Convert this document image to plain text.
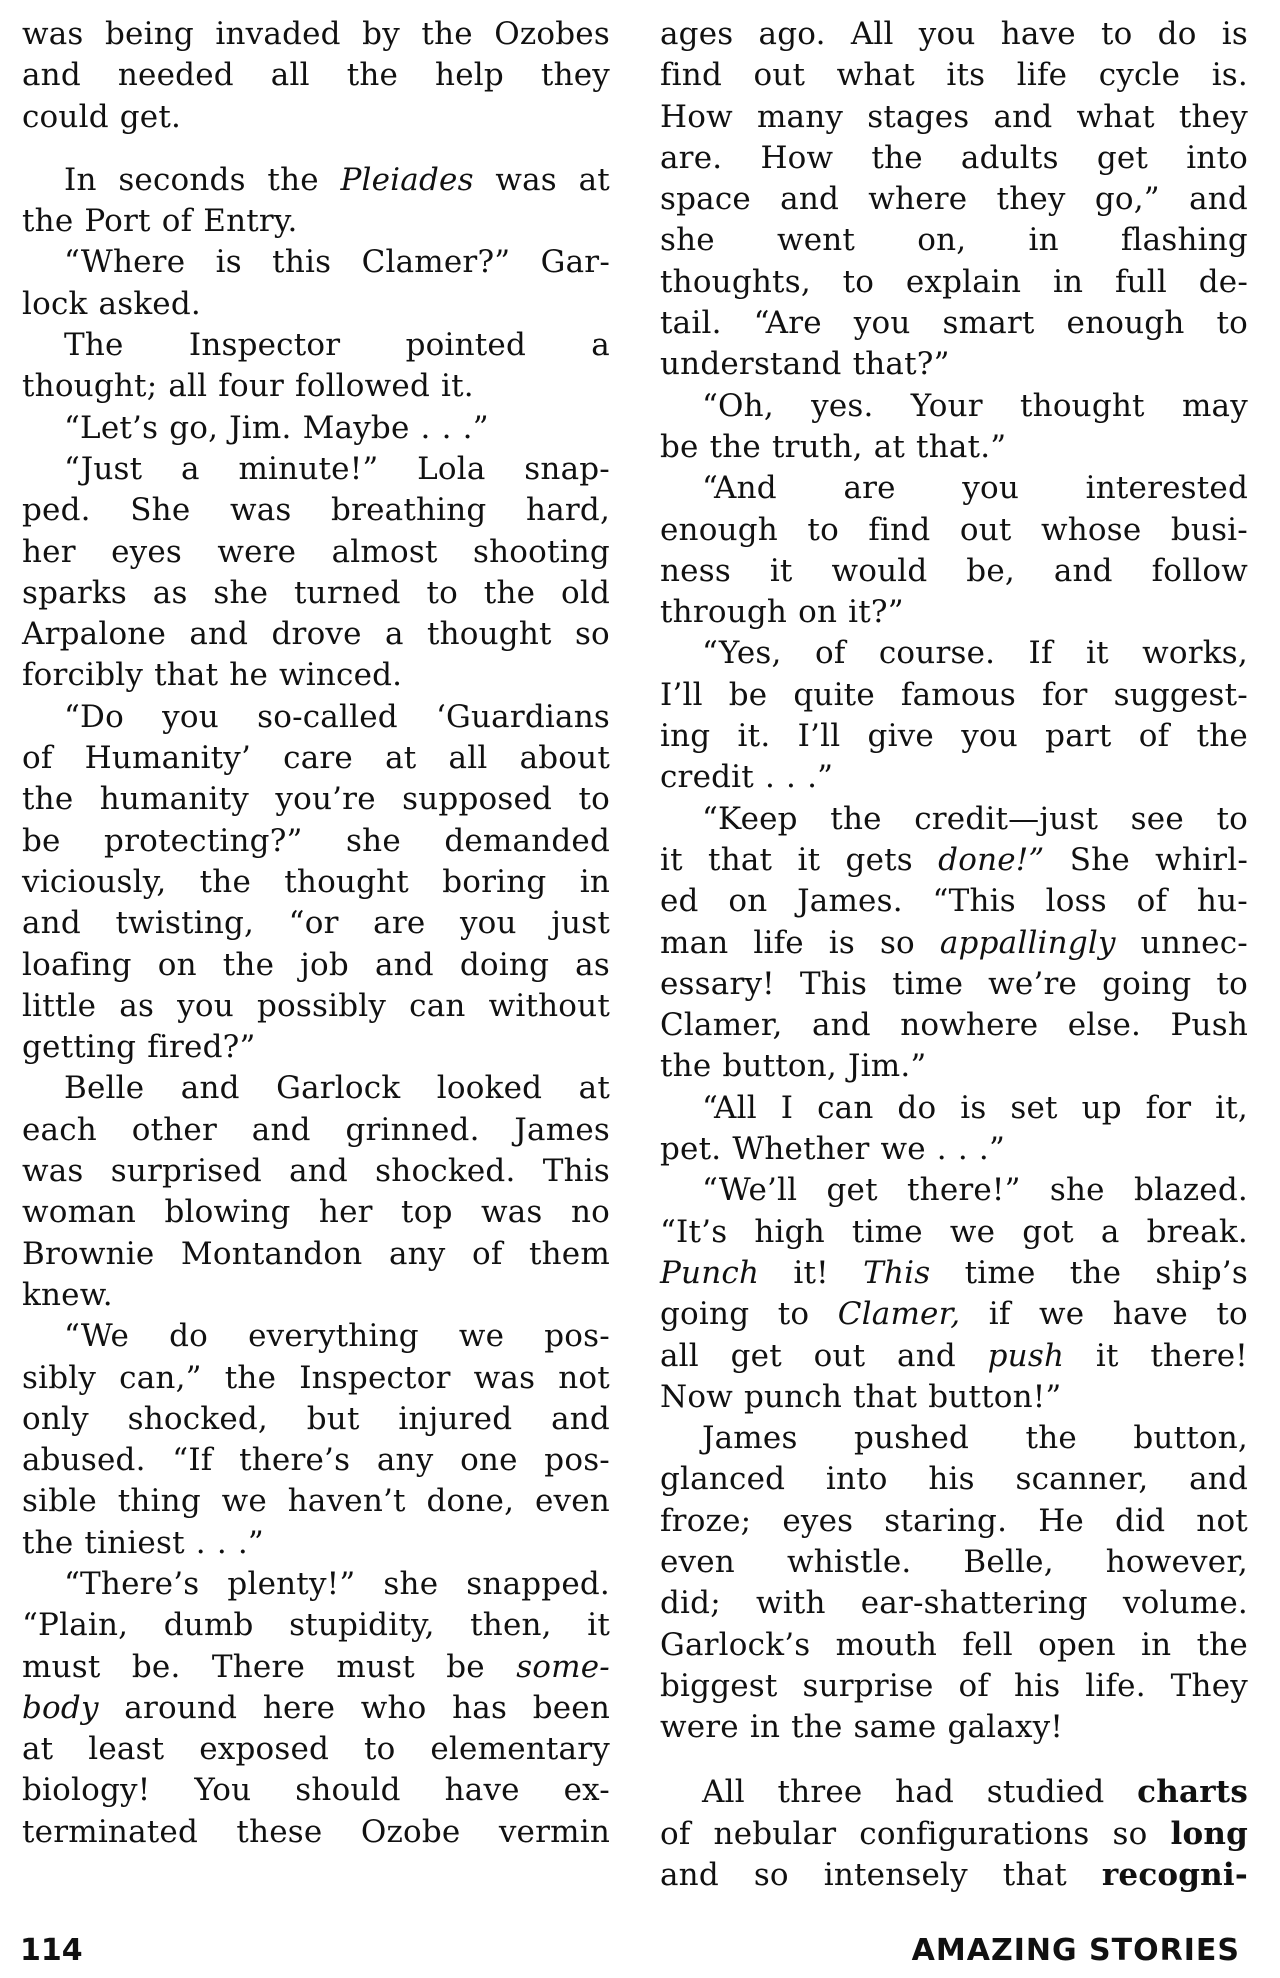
was being invaded by the Ozobes
and needed all the help they
could get.
In seconds the Pleiades was at
the Port of Entry.
“Where is this Clamer?” Gar-
lock asked.
The Inspector pointed a
thought; all four followed it.
“Let’s go, Jim. Maybe . . .”
“Just a minute!” Lola snap-
ped. She was breathing hard,
her eyes were almost shooting
sparks as she turned to the old
Arpalone and drove a thought so
forcibly that he winced.
“Do you so-called ‘Guardians
of Humanity’ care at all about
the humanity you’re supposed to
be protecting?” she demanded
viciously, the thought boring in
and twisting, “or are you just
loafing on the job and doing as
little as you possibly can without
getting fired?”
Belle and Garlock looked at
each other and grinned. James
was surprised and shocked. This
woman blowing her top was no
Brownie Montandon any of them
knew.
“We do everything we pos-
sibly can,” the Inspector was not
only shocked, but injured and
abused. “If there’s any one pos-
sible thing we haven’t done, even
the tiniest . . .”
“There’s plenty!” she snapped.
“Plain, dumb stupidity, then, it
must be. There must be some-
body around here who has been
at least exposed to elementary
biology! You should have ex-
terminated these Ozobe vermin
ages ago. All you have to do is
find out what its life cycle is.
How many stages and what they
are. How the adults get into
space and where they go,” and
she went on, in flashing
thoughts, to explain in full de-
tail. “Are you smart enough to
understand that?”
“Oh, yes. Your thought may
be the truth, at that.”
“And are you interested
enough to find out whose busi-
ness it would be, and follow
through on it?”
“Yes, of course. If it works,
I’ll be quite famous for suggest-
ing it. I’ll give you part of the
credit . . .”
“Keep the credit—just see to
it that it gets done!” She whirl-
ed on James. “This loss of hu-
man life is so appallingly unnec-
essary! This time we’re going to
Clamer, and nowhere else. Push
the button, Jim.”
“All I can do is set up for it,
pet. Whether we . . .”
“We’ll get there!” she blazed.
“It’s high time we got a break.
Punch it! This time the ship’s
going to Clamer, if we have to
all get out and push it there!
Now punch that button!”
James pushed the button,
glanced into his scanner, and
froze; eyes staring. He did not
even whistle. Belle, however,
did; with ear-shattering volume.
Garlock’s mouth fell open in the
biggest surprise of his life. They
were in the same galaxy!
All three had studied charts
of nebular configurations so long
and so intensely that recogni-
114	AMAZING STORIES
